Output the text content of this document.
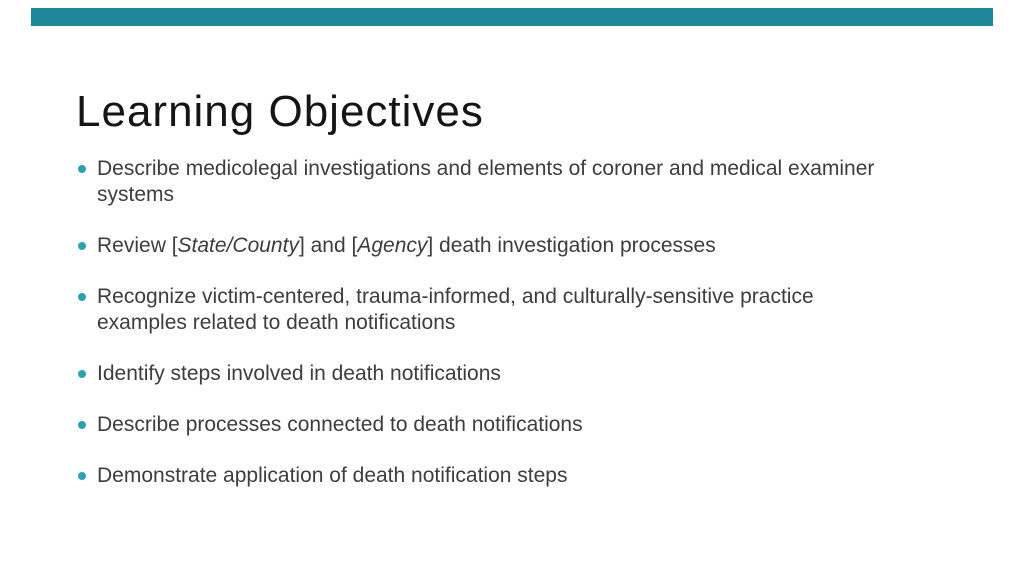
Learning Objectives
Describe medicolegal investigations and elements of coroner and medical examiner systems
Review [State/County] and [Agency] death investigation processes
Recognize victim-centered, trauma-informed, and culturally-sensitive practice examples related to death notifications
Identify steps involved in death notifications
Describe processes connected to death notifications
Demonstrate application of death notification steps
